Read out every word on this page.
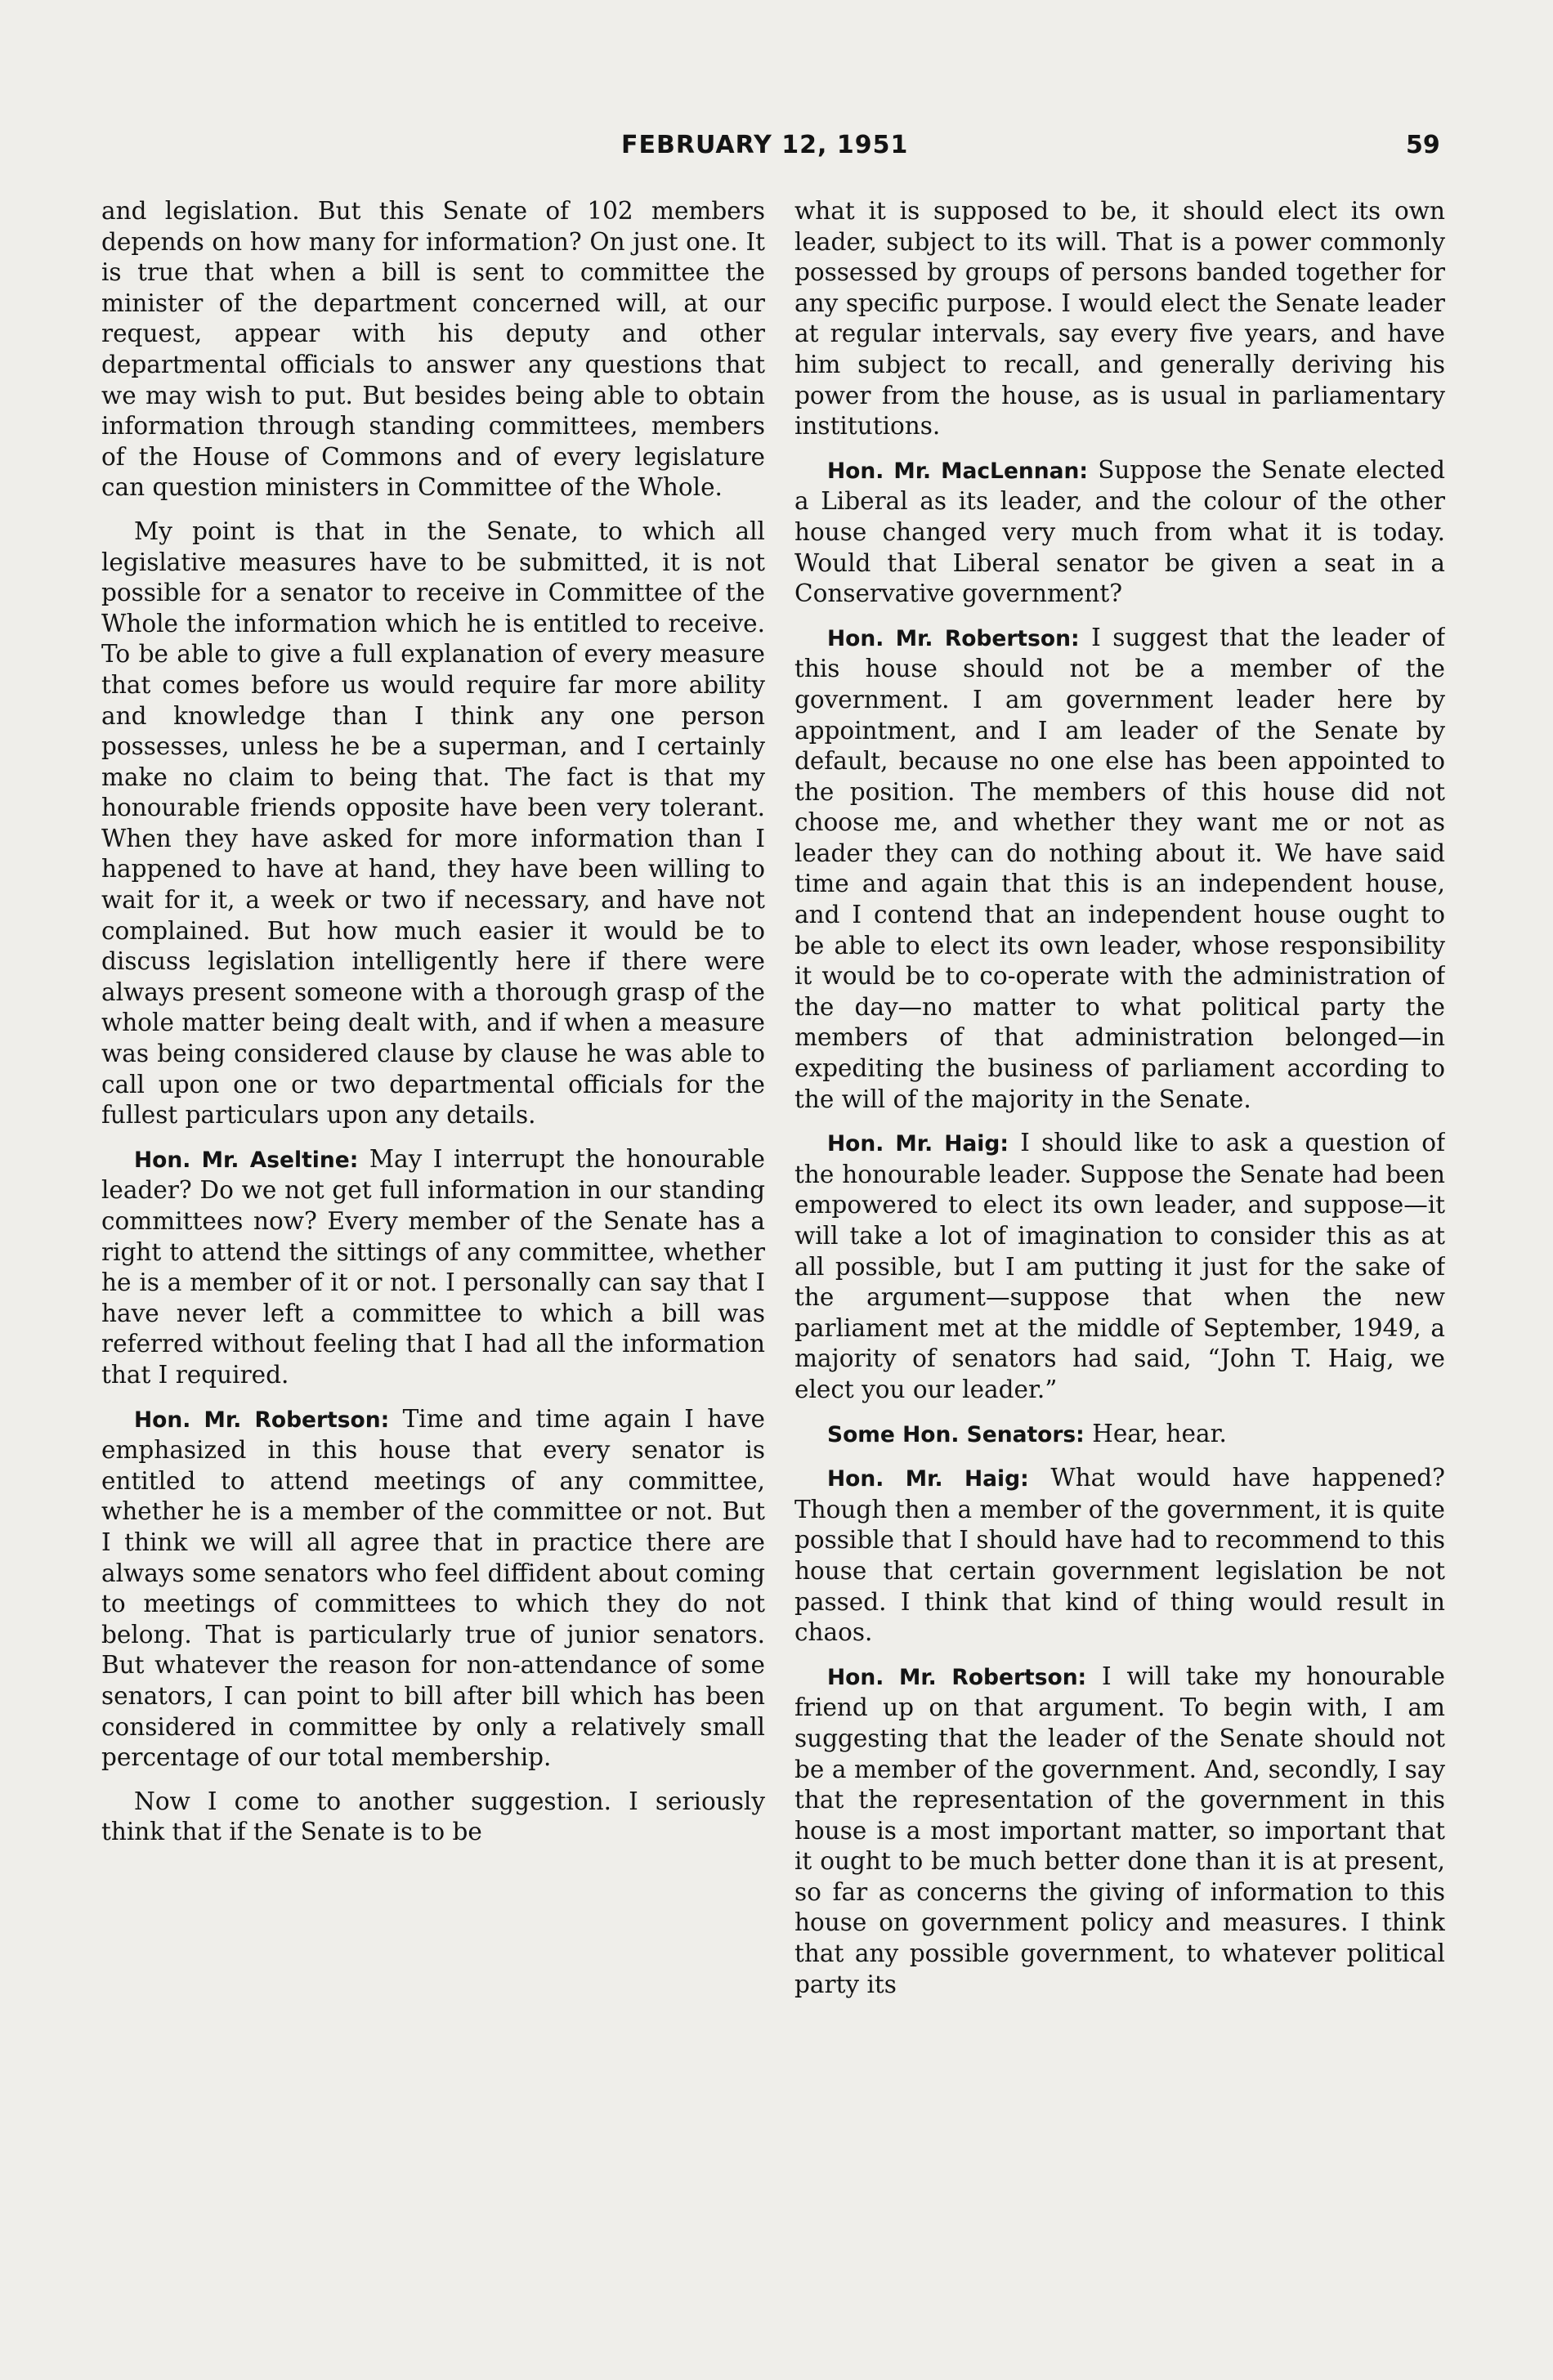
FEBRUARY 12, 1951	59

and legislation. But this Senate of 102 members depends on how many for information? On just one. It is true that when a bill is sent to committee the minister of the department concerned will, at our request, appear with his deputy and other departmental officials to answer any questions that we may wish to put. But besides being able to obtain information through standing committees, members of the House of Commons and of every legislature can question ministers in Committee of the Whole.

My point is that in the Senate, to which all legislative measures have to be submitted, it is not possible for a senator to receive in Committee of the Whole the information which he is entitled to receive. To be able to give a full explanation of every measure that comes before us would require far more ability and knowledge than I think any one person possesses, unless he be a superman, and I certainly make no claim to being that. The fact is that my honourable friends opposite have been very tolerant. When they have asked for more information than I happened to have at hand, they have been willing to wait for it, a week or two if necessary, and have not complained. But how much easier it would be to discuss legislation intelligently here if there were always present someone with a thorough grasp of the whole matter being dealt with, and if when a measure was being considered clause by clause he was able to call upon one or two departmental officials for the fullest particulars upon any details.

Hon. Mr. Aseltine: May I interrupt the honourable leader? Do we not get full information in our standing committees now? Every member of the Senate has a right to attend the sittings of any committee, whether he is a member of it or not. I personally can say that I have never left a committee to which a bill was referred without feeling that I had all the information that I required.

Hon. Mr. Robertson: Time and time again I have emphasized in this house that every senator is entitled to attend meetings of any committee, whether he is a member of the committee or not. But I think we will all agree that in practice there are always some senators who feel diffident about coming to meetings of committees to which they do not belong. That is particularly true of junior senators. But whatever the reason for non-attendance of some senators, I can point to bill after bill which has been considered in committee by only a relatively small percentage of our total membership.

Now I come to another suggestion. I seriously think that if the Senate is to be

what it is supposed to be, it should elect its own leader, subject to its will. That is a power commonly possessed by groups of persons banded together for any specific purpose. I would elect the Senate leader at regular intervals, say every five years, and have him subject to recall, and generally deriving his power from the house, as is usual in parliamentary institutions.

Hon. Mr. MacLennan: Suppose the Senate elected a Liberal as its leader, and the colour of the other house changed very much from what it is today. Would that Liberal senator be given a seat in a Conservative government?

Hon. Mr. Robertson: I suggest that the leader of this house should not be a member of the government. I am government leader here by appointment, and I am leader of the Senate by default, because no one else has been appointed to the position. The members of this house did not choose me, and whether they want me or not as leader they can do nothing about it. We have said time and again that this is an independent house, and I contend that an independent house ought to be able to elect its own leader, whose responsibility it would be to co-operate with the administration of the day—no matter to what political party the members of that administration belonged—in expediting the business of parliament according to the will of the majority in the Senate.

Hon. Mr. Haig: I should like to ask a question of the honourable leader. Suppose the Senate had been empowered to elect its own leader, and suppose—it will take a lot of imagination to consider this as at all possible, but I am putting it just for the sake of the argument—suppose that when the new parliament met at the middle of September, 1949, a majority of senators had said, “John T. Haig, we elect you our leader.”

Some Hon. Senators: Hear, hear.

Hon. Mr. Haig: What would have happened? Though then a member of the government, it is quite possible that I should have had to recommend to this house that certain government legislation be not passed. I think that kind of thing would result in chaos.

Hon. Mr. Robertson: I will take my honourable friend up on that argument. To begin with, I am suggesting that the leader of the Senate should not be a member of the government. And, secondly, I say that the representation of the government in this house is a most important matter, so important that it ought to be much better done than it is at present, so far as concerns the giving of information to this house on government policy and measures. I think that any possible government, to whatever political party its
